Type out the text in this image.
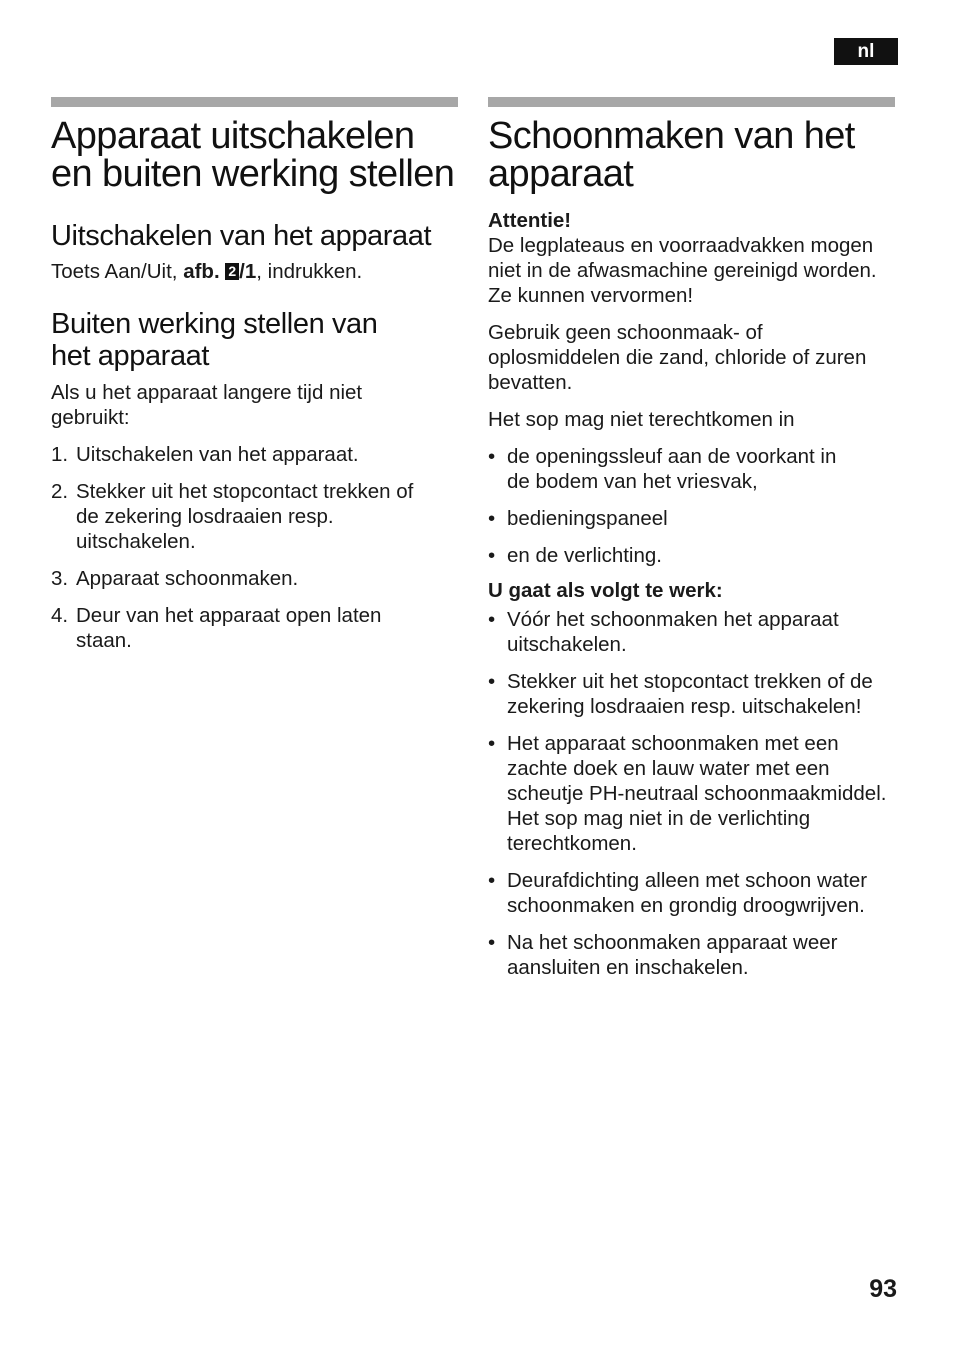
nl
Apparaat uitschakelen en buiten werking stellen
Uitschakelen van het apparaat

Toets Aan/Uit, afb. 2 /1, indrukken.

Buiten werking stellen van het apparaat

Als u het apparaat langere tijd niet gebruikt:

1. Uitschakelen van het apparaat.
2. Stekker uit het stopcontact trekken of de zekering losdraaien resp. uitschakelen.
3. Apparaat schoonmaken.
4. Deur van het apparaat open laten staan.
Schoonmaken van het apparaat

Attentie!

De legplateaus en voorraadvakken mogen niet in de afwasmachine gereinigd worden. Ze kunnen vervormen!

Gebruik geen schoonmaak- of oplosmiddelen die zand, chloride of zuren bevatten.

Het sop mag niet terechtkomen in

• de openingssleuf aan de voorkant in de bodem van het vriesvak,
• bedieningspaneel
• en de verlichting.

U gaat als volgt te werk:

• Vóór het schoonmaken het apparaat uitschakelen.
• Stekker uit het stopcontact trekken of de zekering losdraaien resp. uitschakelen!
• Het apparaat schoonmaken met een zachte doek en lauw water met een scheutje PH-neutraal schoonmaakmiddel. Het sop mag niet in de verlichting terechtkomen.
• Deurafdichting alleen met schoon water schoonmaken en grondig droogwrijven.
• Na het schoonmaken apparaat weer aansluiten en inschakelen.
93
